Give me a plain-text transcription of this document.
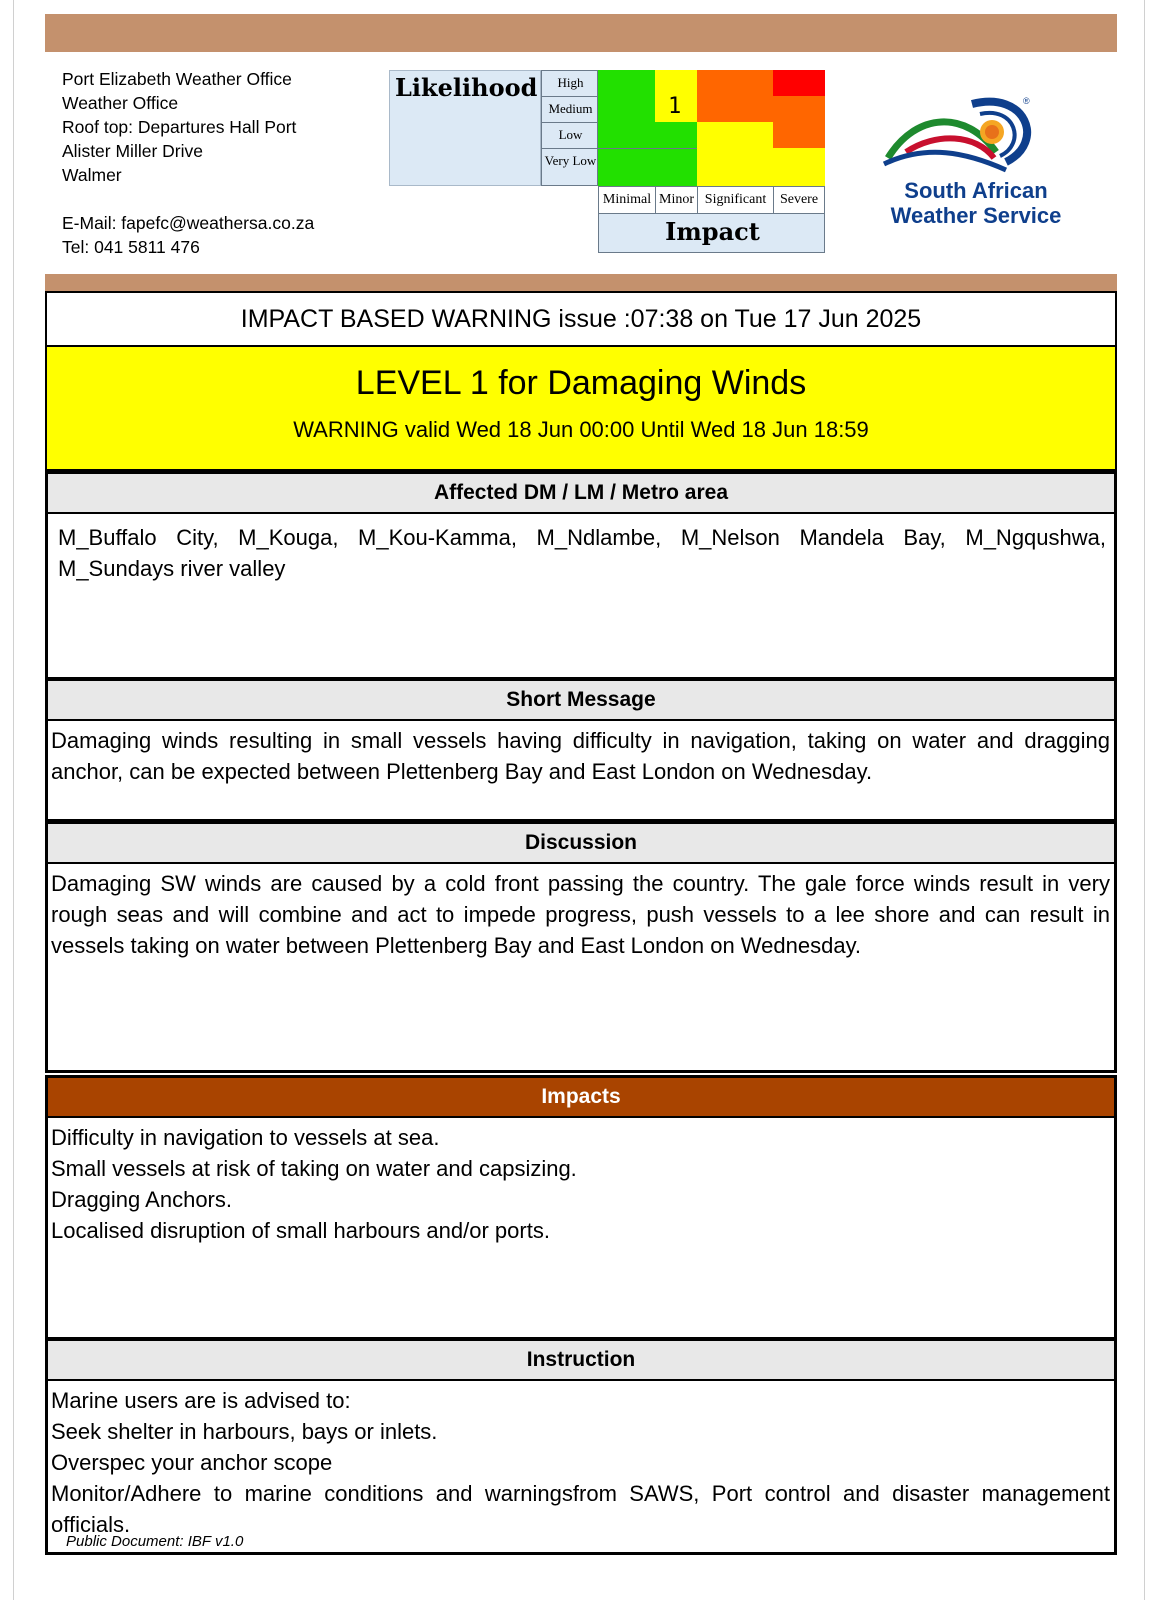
Port Elizabeth Weather Office
Weather Office
Roof top: Departures Hall Port
Alister Miller Drive
Walmer
E-Mail: fapefc@weathersa.co.za
Tel: 041 5811 476
Likelihood	High
Medium
Low
Very Low
1
Minimal Minor Significant Severe
Impact
®
South African
Weather Service
IMPACT BASED WARNING issue :07:38 on Tue 17 Jun 2025
LEVEL 1 for Damaging Winds
WARNING valid Wed 18 Jun 00:00 Until Wed 18 Jun 18:59
Affected DM / LM / Metro area
M_Buffalo City, M_Kouga, M_Kou-Kamma, M_Ndlambe, M_Nelson Mandela Bay, M_Ngqushwa, M_Sundays river valley
Short Message
Damaging winds resulting in small vessels having difficulty in navigation, taking on water and dragging anchor, can be expected between Plettenberg Bay and East London on Wednesday.
Discussion
Damaging SW winds are caused by a cold front passing the country. The gale force winds result in very rough seas and will combine and act to impede progress, push vessels to a lee shore and can result in vessels taking on water between Plettenberg Bay and East London on Wednesday.
Impacts

Difficulty in navigation to vessels at sea.

Small vessels at risk of taking on water and capsizing.

Dragging Anchors.

Localised disruption of small harbours and/or ports.

Instruction

Marine users are is advised to:

Seek shelter in harbours, bays or inlets.

Overspec your anchor scope

Monitor/Adhere to marine conditions and warningsfrom SAWS, Port control and disaster management officials.

Public Document: IBF v1.0
